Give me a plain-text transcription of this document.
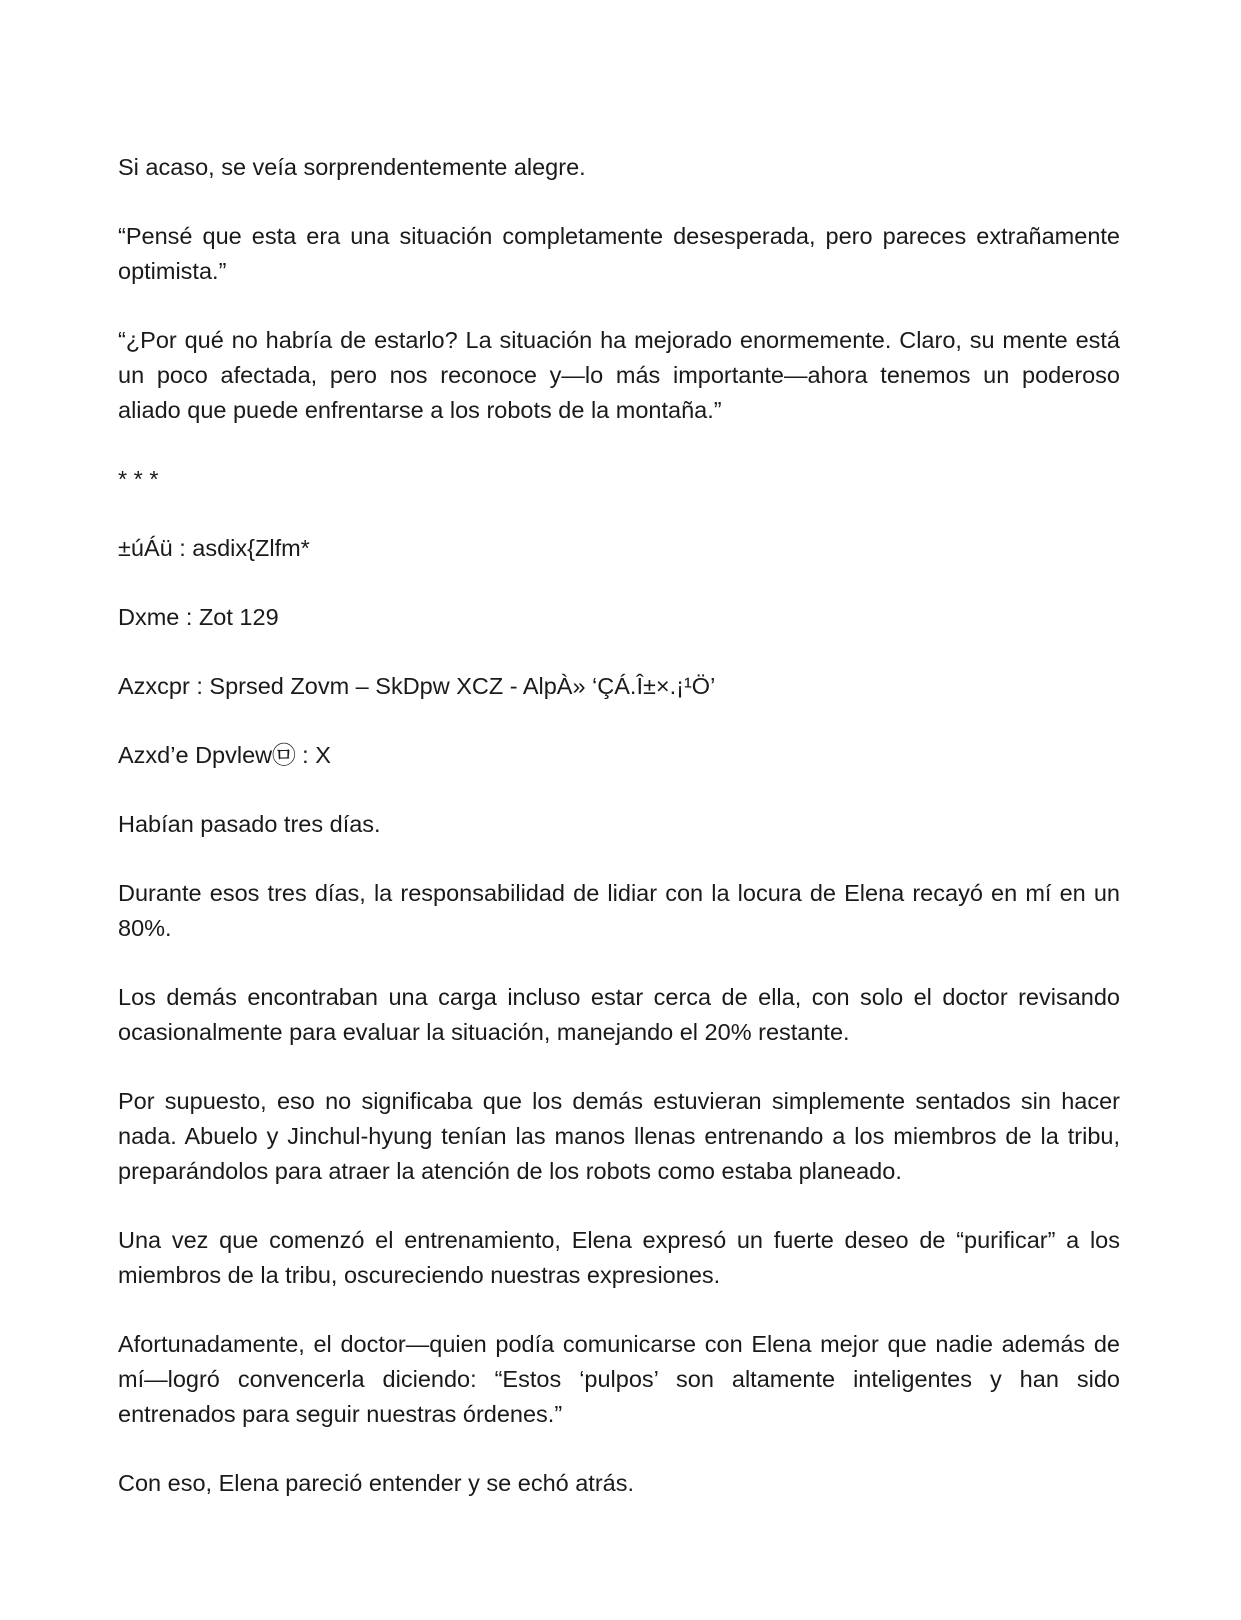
Si acaso, se veía sorprendentemente alegre.

“Pensé que esta era una situación completamente desesperada, pero pareces extrañamente optimista.”

“¿Por qué no habría de estarlo? La situación ha mejorado enormemente. Claro, su mente está un poco afectada, pero nos reconoce y—lo más importante—ahora tenemos un poderoso aliado que puede enfrentarse a los robots de la montaña.”

* * *

±úÁü : asdix{Zlfm*

Dxme : Zot 129

Azxcpr : Sprsed Zovm – SkDpw XCZ - AlpÀ» ‘ÇÁ.Î±×.¡¹Ö’

Azxd’e Dpvlew㉤ : X

Habían pasado tres días.

Durante esos tres días, la responsabilidad de lidiar con la locura de Elena recayó en mí en un 80%.

Los demás encontraban una carga incluso estar cerca de ella, con solo el doctor revisando ocasionalmente para evaluar la situación, manejando el 20% restante.

Por supuesto, eso no significaba que los demás estuvieran simplemente sentados sin hacer nada. Abuelo y Jinchul-hyung tenían las manos llenas entrenando a los miembros de la tribu, preparándolos para atraer la atención de los robots como estaba planeado.

Una vez que comenzó el entrenamiento, Elena expresó un fuerte deseo de “purificar” a los miembros de la tribu, oscureciendo nuestras expresiones.

Afortunadamente, el doctor—quien podía comunicarse con Elena mejor que nadie además de mí—logró convencerla diciendo: “Estos ‘pulpos’ son altamente inteligentes y han sido entrenados para seguir nuestras órdenes.”

Con eso, Elena pareció entender y se echó atrás.
